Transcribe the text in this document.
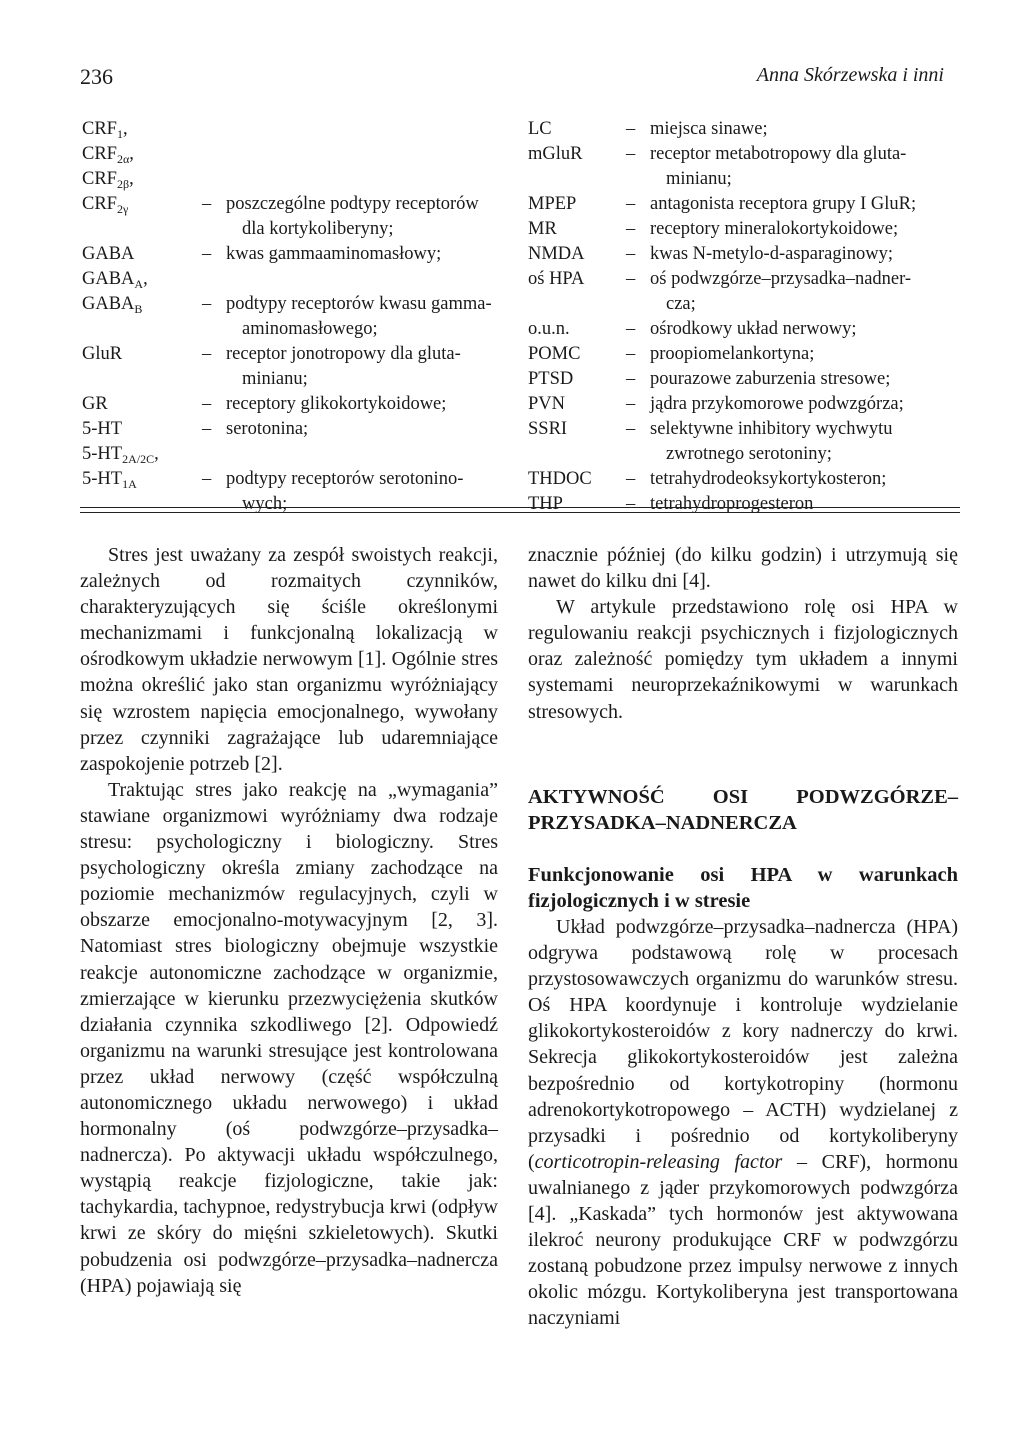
236	Anna Skórzewska i inni
$CRF_1$,

$CRF_{2\alpha}$,

$CRF_{2\beta}$,

$CRF_{2\gamma}$	– poszczególne podtypy receptorów
dla kortykoliberyny;
GABA	– kwas gammaaminomasłowy;
$GABA_A$,

$GABA_B$	– podtypy receptorów kwasu gamma-
aminomasłowego;
GluR	– receptor jonotropowy dla gluta-
minianu;
GR	– receptory glikokortykoidowe;
5-HT	– serotonina;
$5-HT_{2A/2C}$,

$5-HT_{1A}$	– podtypy receptorów serotonino-
wych;
LC	– miejsca sinawe;
mGluR	– receptor metabotropowy dla gluta-
minianu;
MPEP	– antagonista receptora grupy I GluR;
MR	– receptory mineralokortykoidowe;
NMDA	– kwas N-metylo-d-asparaginowy;
oś HPA	– oś podwzgórze–przysadka–nadner-
cza;
o.u.n.	– ośrodkowy układ nerwowy;
POMC	– proopiomelankortyna;
PTSD	– pourazowe zaburzenia stresowe;
PVN	– jądra przykomorowe podwzgórza;
SSRI	– selektywne inhibitory wychwytu
zwrotnego serotoniny;
THDOC	– tetrahydrodeoksykortykosteron;
THP	– tetrahydroprogesteron

Stres jest uważany za zespół swoistych reakcji, zależnych od rozmaitych czynników, charakteryzujących się ściśle określonymi mechanizmami i funkcjonalną lokalizacją w ośrodkowym układzie nerwowym [1]. Ogólnie stres można określić jako stan organizmu wyróżniający się wzrostem napięcia emocjonalnego, wywołany przez czynniki zagrażające lub udaremniające zaspokojenie potrzeb [2].

Traktując stres jako reakcję na „wymagania” stawiane organizmowi wyróżniamy dwa rodzaje stresu: psychologiczny i biologiczny. Stres psychologiczny określa zmiany zachodzące na poziomie mechanizmów regulacyjnych, czyli w obszarze emocjonalno-motywacyjnym [2, 3]. Natomiast stres biologiczny obejmuje wszystkie reakcje autonomiczne zachodzące w organizmie, zmierzające w kierunku przezwyciężenia skutków działania czynnika szkodliwego [2]. Odpowiedź organizmu na warunki stresujące jest kontrolowana przez układ nerwowy (część współczulną autonomicznego układu nerwowego) i układ hormonalny (oś podwzgórze–przysadka–nadnercza). Po aktywacji układu współczulnego, wystąpią reakcje fizjologiczne, takie jak: tachykardia, tachypnoe, redystrybucja krwi (odpływ krwi ze skóry do mięśni szkieletowych). Skutki pobudzenia osi podwzgórze–przysadka–nadnercza (HPA) pojawiają się

znacznie później (do kilku godzin) i utrzymują się nawet do kilku dni [4].

W artykule przedstawiono rolę osi HPA w regulowaniu reakcji psychicznych i fizjologicznych oraz zależność pomiędzy tym układem a innymi systemami neuroprzekaźnikowymi w warunkach stresowych.

AKTYWNOŚĆ OSI PODWZGÓRZE–PRZYSADKA–NADNERCZA
Funkcjonowanie osi HPA w warunkach fizjologicznych i w stresie

Układ podwzgórze–przysadka–nadnercza (HPA) odgrywa podstawową rolę w procesach przystosowawczych organizmu do warunków stresu. Oś HPA koordynuje i kontroluje wydzielanie glikokortykosteroidów z kory nadnerczy do krwi. Sekrecja glikokortykosteroidów jest zależna bezpośrednio od kortykotropiny (hormonu adrenokortykotropowego – ACTH) wydzielanej z przysadki i pośrednio od kortykoliberyny (corticotropin-releasing factor – CRF), hormonu uwalnianego z jąder przykomorowych podwzgórza [4]. „Kaskada” tych hormonów jest aktywowana ilekroć neurony produkujące CRF w podwzgórzu zostaną pobudzone przez impulsy nerwowe z innych okolic mózgu. Kortykoliberyna jest transportowana naczyniami
